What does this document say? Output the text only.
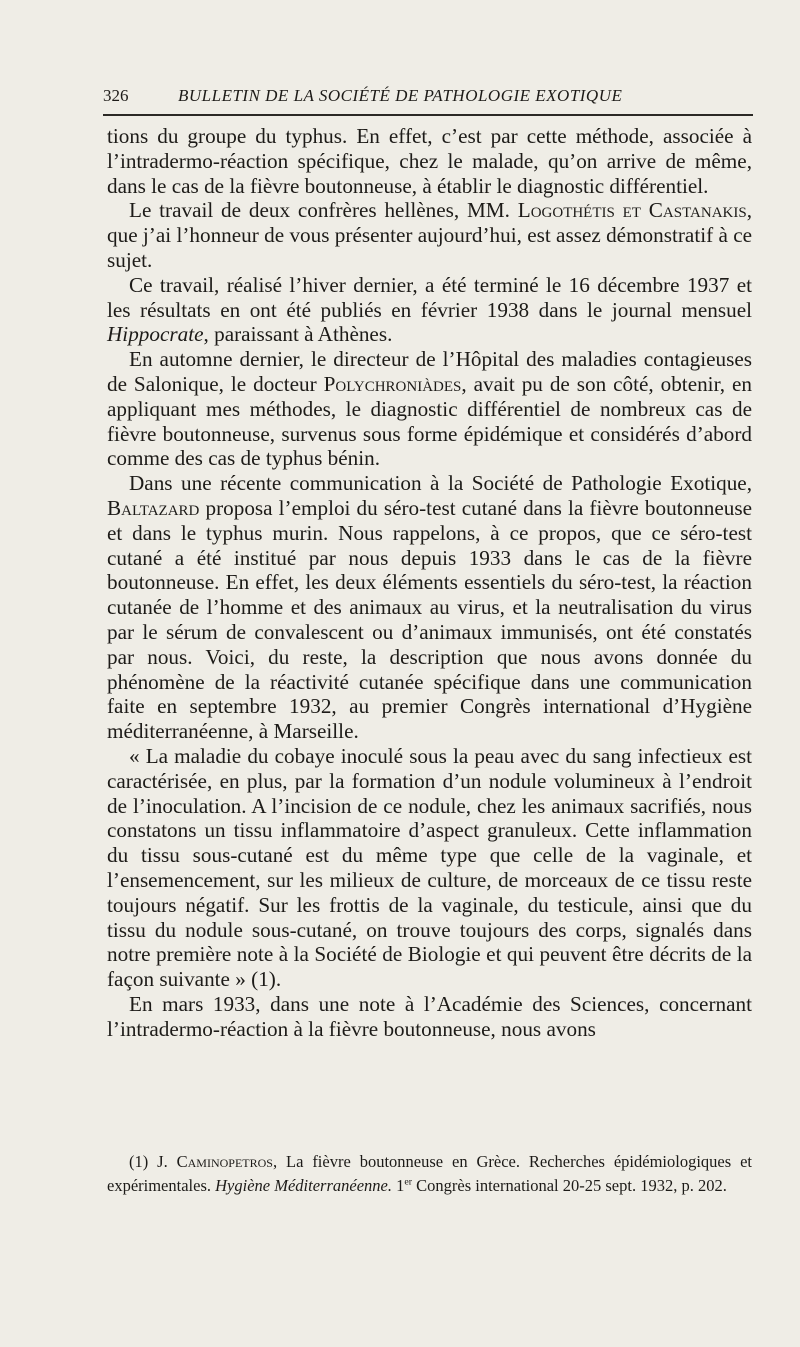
326	BULLETIN DE LA SOCIÉTÉ DE PATHOLOGIE EXOTIQUE

tions du groupe du typhus. En effet, c’est par cette méthode, associée à l’intradermo-réaction spécifique, chez le malade, qu’on arrive de même, dans le cas de la fièvre boutonneuse, à établir le diagnostic différentiel.

Le travail de deux confrères hellènes, MM. Logothétis et Castanakis, que j’ai l’honneur de vous présenter aujourd’hui, est assez démonstratif à ce sujet.

Ce travail, réalisé l’hiver dernier, a été terminé le 16 décembre 1937 et les résultats en ont été publiés en février 1938 dans le journal mensuel Hippocrate, paraissant à Athènes.

En automne dernier, le directeur de l’Hôpital des maladies contagieuses de Salonique, le docteur Polychroniàdes, avait pu de son côté, obtenir, en appliquant mes méthodes, le diagnostic différentiel de nombreux cas de fièvre boutonneuse, survenus sous forme épidémique et considérés d’abord comme des cas de typhus bénin.

Dans une récente communication à la Société de Pathologie Exotique, Baltazard proposa l’emploi du séro-test cutané dans la fièvre boutonneuse et dans le typhus murin. Nous rappelons, à ce propos, que ce séro-test cutané a été institué par nous depuis 1933 dans le cas de la fièvre boutonneuse. En effet, les deux éléments essentiels du séro-test, la réaction cutanée de l’homme et des animaux au virus, et la neutralisation du virus par le sérum de convalescent ou d’animaux immunisés, ont été constatés par nous. Voici, du reste, la description que nous avons donnée du phénomène de la réactivité cutanée spécifique dans une communication faite en septembre 1932, au premier Congrès international d’Hygiène méditerranéenne, à Marseille.

« La maladie du cobaye inoculé sous la peau avec du sang infectieux est caractérisée, en plus, par la formation d’un nodule volumineux à l’endroit de l’inoculation. A l’incision de ce nodule, chez les animaux sacrifiés, nous constatons un tissu inflammatoire d’aspect granuleux. Cette inflammation du tissu sous-cutané est du même type que celle de la vaginale, et l’ensemencement, sur les milieux de culture, de morceaux de ce tissu reste toujours négatif. Sur les frottis de la vaginale, du testicule, ainsi que du tissu du nodule sous-cutané, on trouve toujours des corps, signalés dans notre première note à la Société de Biologie et qui peuvent être décrits de la façon suivante » (1).

En mars 1933, dans une note à l’Académie des Sciences, concernant l’intradermo-réaction à la fièvre boutonneuse, nous avons

(1) J. Caminopetros, La fièvre boutonneuse en Grèce. Recherches épidémiologiques et expérimentales. Hygiène Méditerranéenne. 1er Congrès international 20-25 sept. 1932, p. 202.
